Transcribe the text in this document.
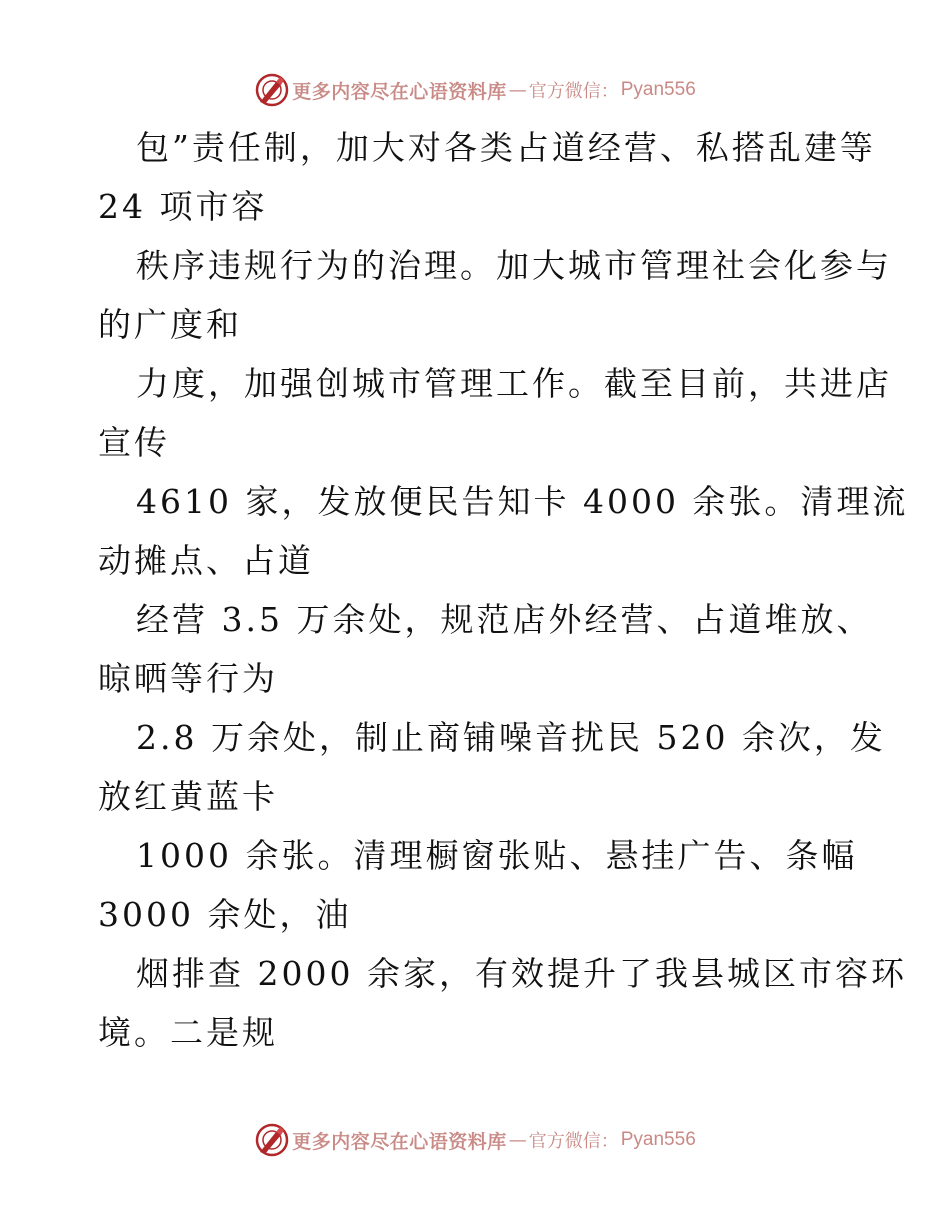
更多内容尽在心语资料库 — 官方微信： Pyan556
包”责任制，加大对各类占道经营、私搭乱建等
24 项市容
秩序违规行为的治理。加大城市管理社会化参与
的广度和
力度，加强创城市管理工作。截至目前，共进店
宣传
4610 家，发放便民告知卡 4000 余张。清理流
动摊点、占道
经营 3.5 万余处，规范店外经营、占道堆放、
晾晒等行为
2.8 万余处，制止商铺噪音扰民 520 余次，发
放红黄蓝卡
1000 余张。清理橱窗张贴、悬挂广告、条幅
3000 余处，油
烟排查 2000 余家，有效提升了我县城区市容环
境。二是规
更多内容尽在心语资料库 — 官方微信： Pyan556
